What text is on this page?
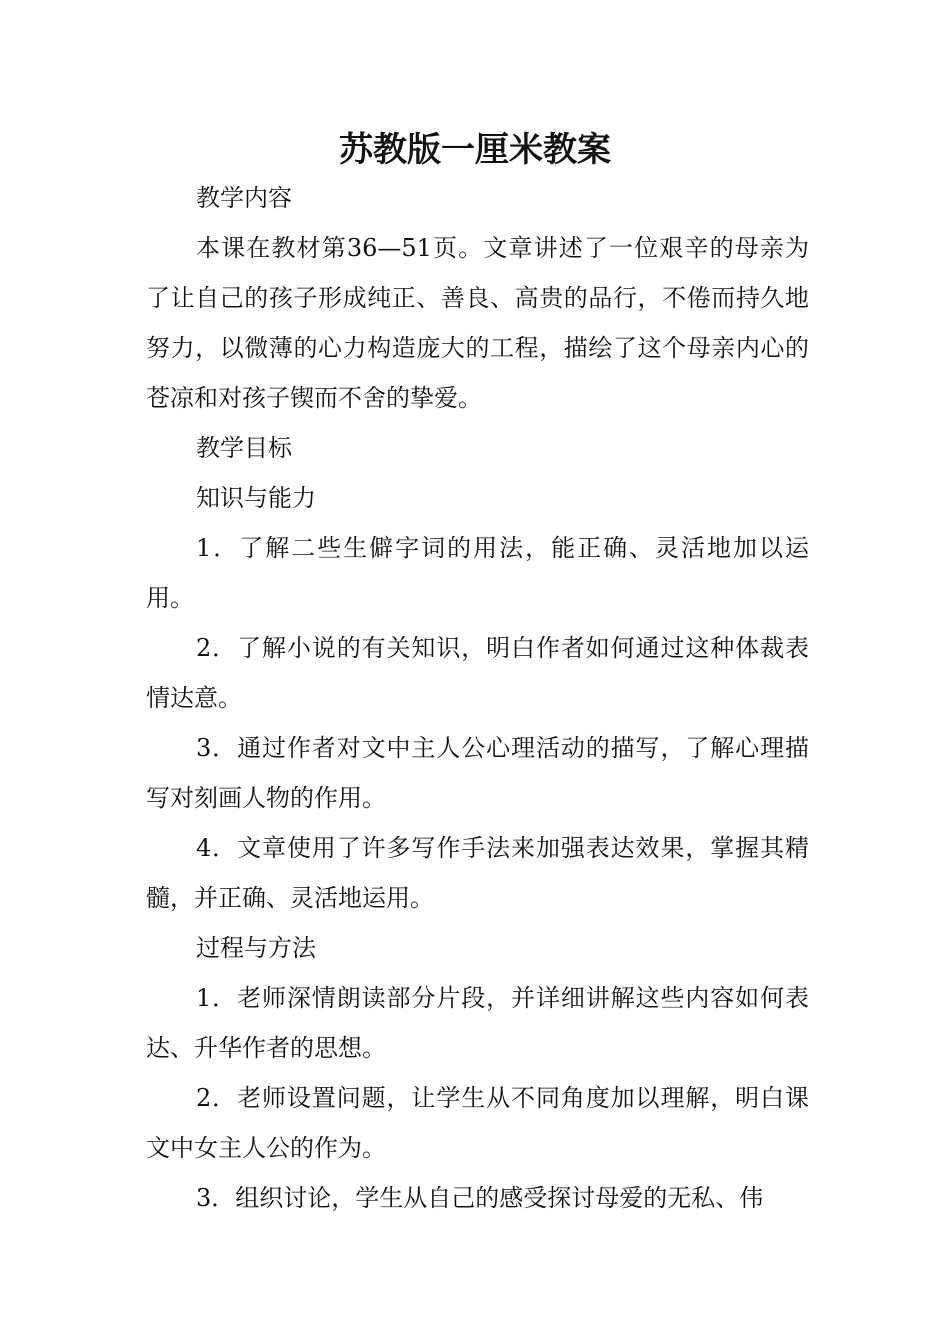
苏教版一厘米教案

教学内容

本课在教材第36—51页。文章讲述了一位艰辛的母亲为了让自己的孩子形成纯正、善良、高贵的品行，不倦而持久地努力，以微薄的心力构造庞大的工程，描绘了这个母亲内心的苍凉和对孩子锲而不舍的挚爱。

教学目标

知识与能力

1．了解二些生僻字词的用法，能正确、灵活地加以运用。

2．了解小说的有关知识，明白作者如何通过这种体裁表情达意。

3．通过作者对文中主人公心理活动的描写，了解心理描写对刻画人物的作用。

4．文章使用了许多写作手法来加强表达效果，掌握其精髓，并正确、灵活地运用。

过程与方法

1．老师深情朗读部分片段，并详细讲解这些内容如何表达、升华作者的思想。

2．老师设置问题，让学生从不同角度加以理解，明白课文中女主人公的作为。

3．组织讨论，学生从自己的感受探讨母爱的无私、伟
